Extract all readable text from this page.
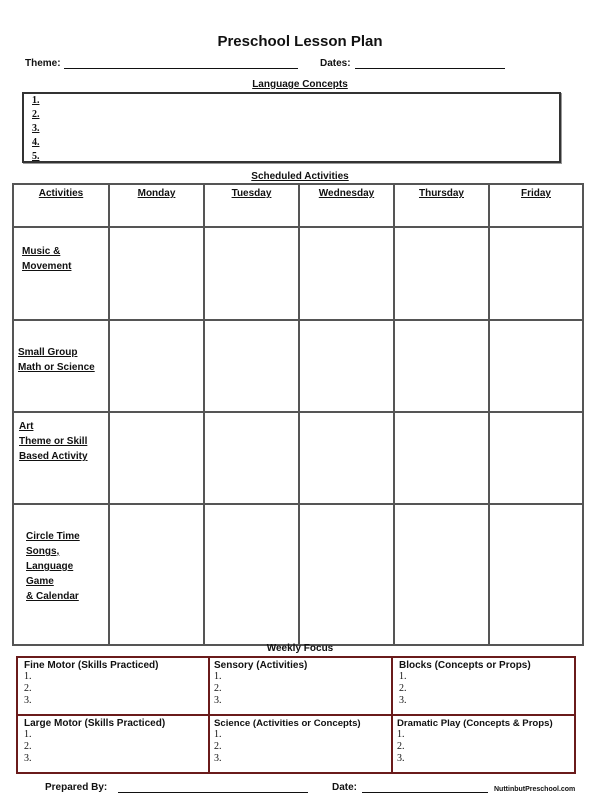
Preschool Lesson Plan
Theme:	Dates:
Language Concepts
1.
2.
3.
4.
5.
Scheduled Activities
Activities	Monday	Tuesday	Wednesday	Thursday	Friday

Music &
Movement					

Small Group
Math or Science					

Art
Theme or Skill
Based Activity					

Circle Time
Songs,
Language
Game
& Calendar					

Weekly Focus
Fine Motor (Skills Practiced)
1.
2.
3.
Sensory (Activities)
1.
2.
3.
Blocks (Concepts or Props)
1.
2.
3.
Large Motor (Skills Practiced)
1.
2.
3.
Science (Activities or Concepts)
1.
2.
3.
Dramatic Play (Concepts & Props)
1.
2.
3.
Prepared By:	Date:	NuttinbutPreschool.com
